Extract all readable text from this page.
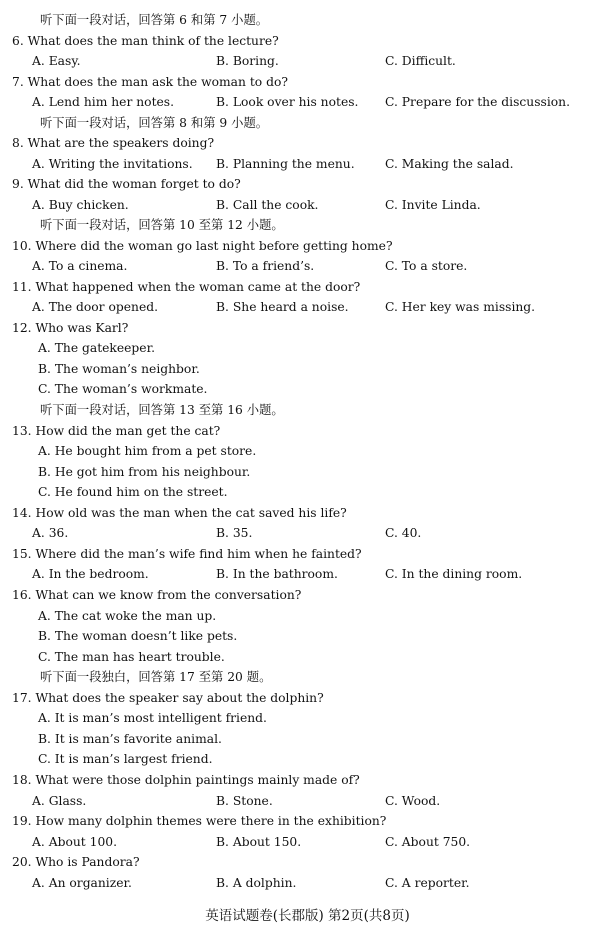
听下面一段对话，回答第 6 和第 7 小题。
6. What does the man think of the lecture?
A. Easy.	B. Boring.	C. Difficult.
7. What does the man ask the woman to do?
A. Lend him her notes.	B. Look over his notes. C. Prepare for the discussion.
听下面一段对话，回答第 8 和第 9 小题。
8. What are the speakers doing?
A. Writing the invitations. B. Planning the menu. C. Making the salad.
9. What did the woman forget to do?
A. Buy chicken.	B. Call the cook.	C. Invite Linda.
听下面一段对话，回答第 10 至第 12 小题。
10. Where did the woman go last night before getting home?
A. To a cinema.	B. To a friend’s.	C. To a store.
11. What happened when the woman came at the door?
A. The door opened.	B. She heard a noise.	C. Her key was missing.
12. Who was Karl?
A. The gatekeeper.
B. The woman’s neighbor.
C. The woman’s workmate.
听下面一段对话，回答第 13 至第 16 小题。
13. How did the man get the cat?
A. He bought him from a pet store.
B. He got him from his neighbour.
C. He found him on the street.
14. How old was the man when the cat saved his life?
A. 36.	B. 35.	C. 40.
15. Where did the man’s wife find him when he fainted?
A. In the bedroom.	B. In the bathroom.	C. In the dining room.
16. What can we know from the conversation?
A. The cat woke the man up.
B. The woman doesn’t like pets.
C. The man has heart trouble.
听下面一段独白，回答第 17 至第 20 题。
17. What does the speaker say about the dolphin?
A. It is man’s most intelligent friend.
B. It is man’s favorite animal.
C. It is man’s largest friend.
18. What were those dolphin paintings mainly made of?
A. Glass.	B. Stone.	C. Wood.
19. How many dolphin themes were there in the exhibition?
A. About 100.	B. About 150.	C. About 750.
20. Who is Pandora?
A. An organizer.	B. A dolphin.	C. A reporter.
英语试题卷(长郡版) 第2页(共8页)
